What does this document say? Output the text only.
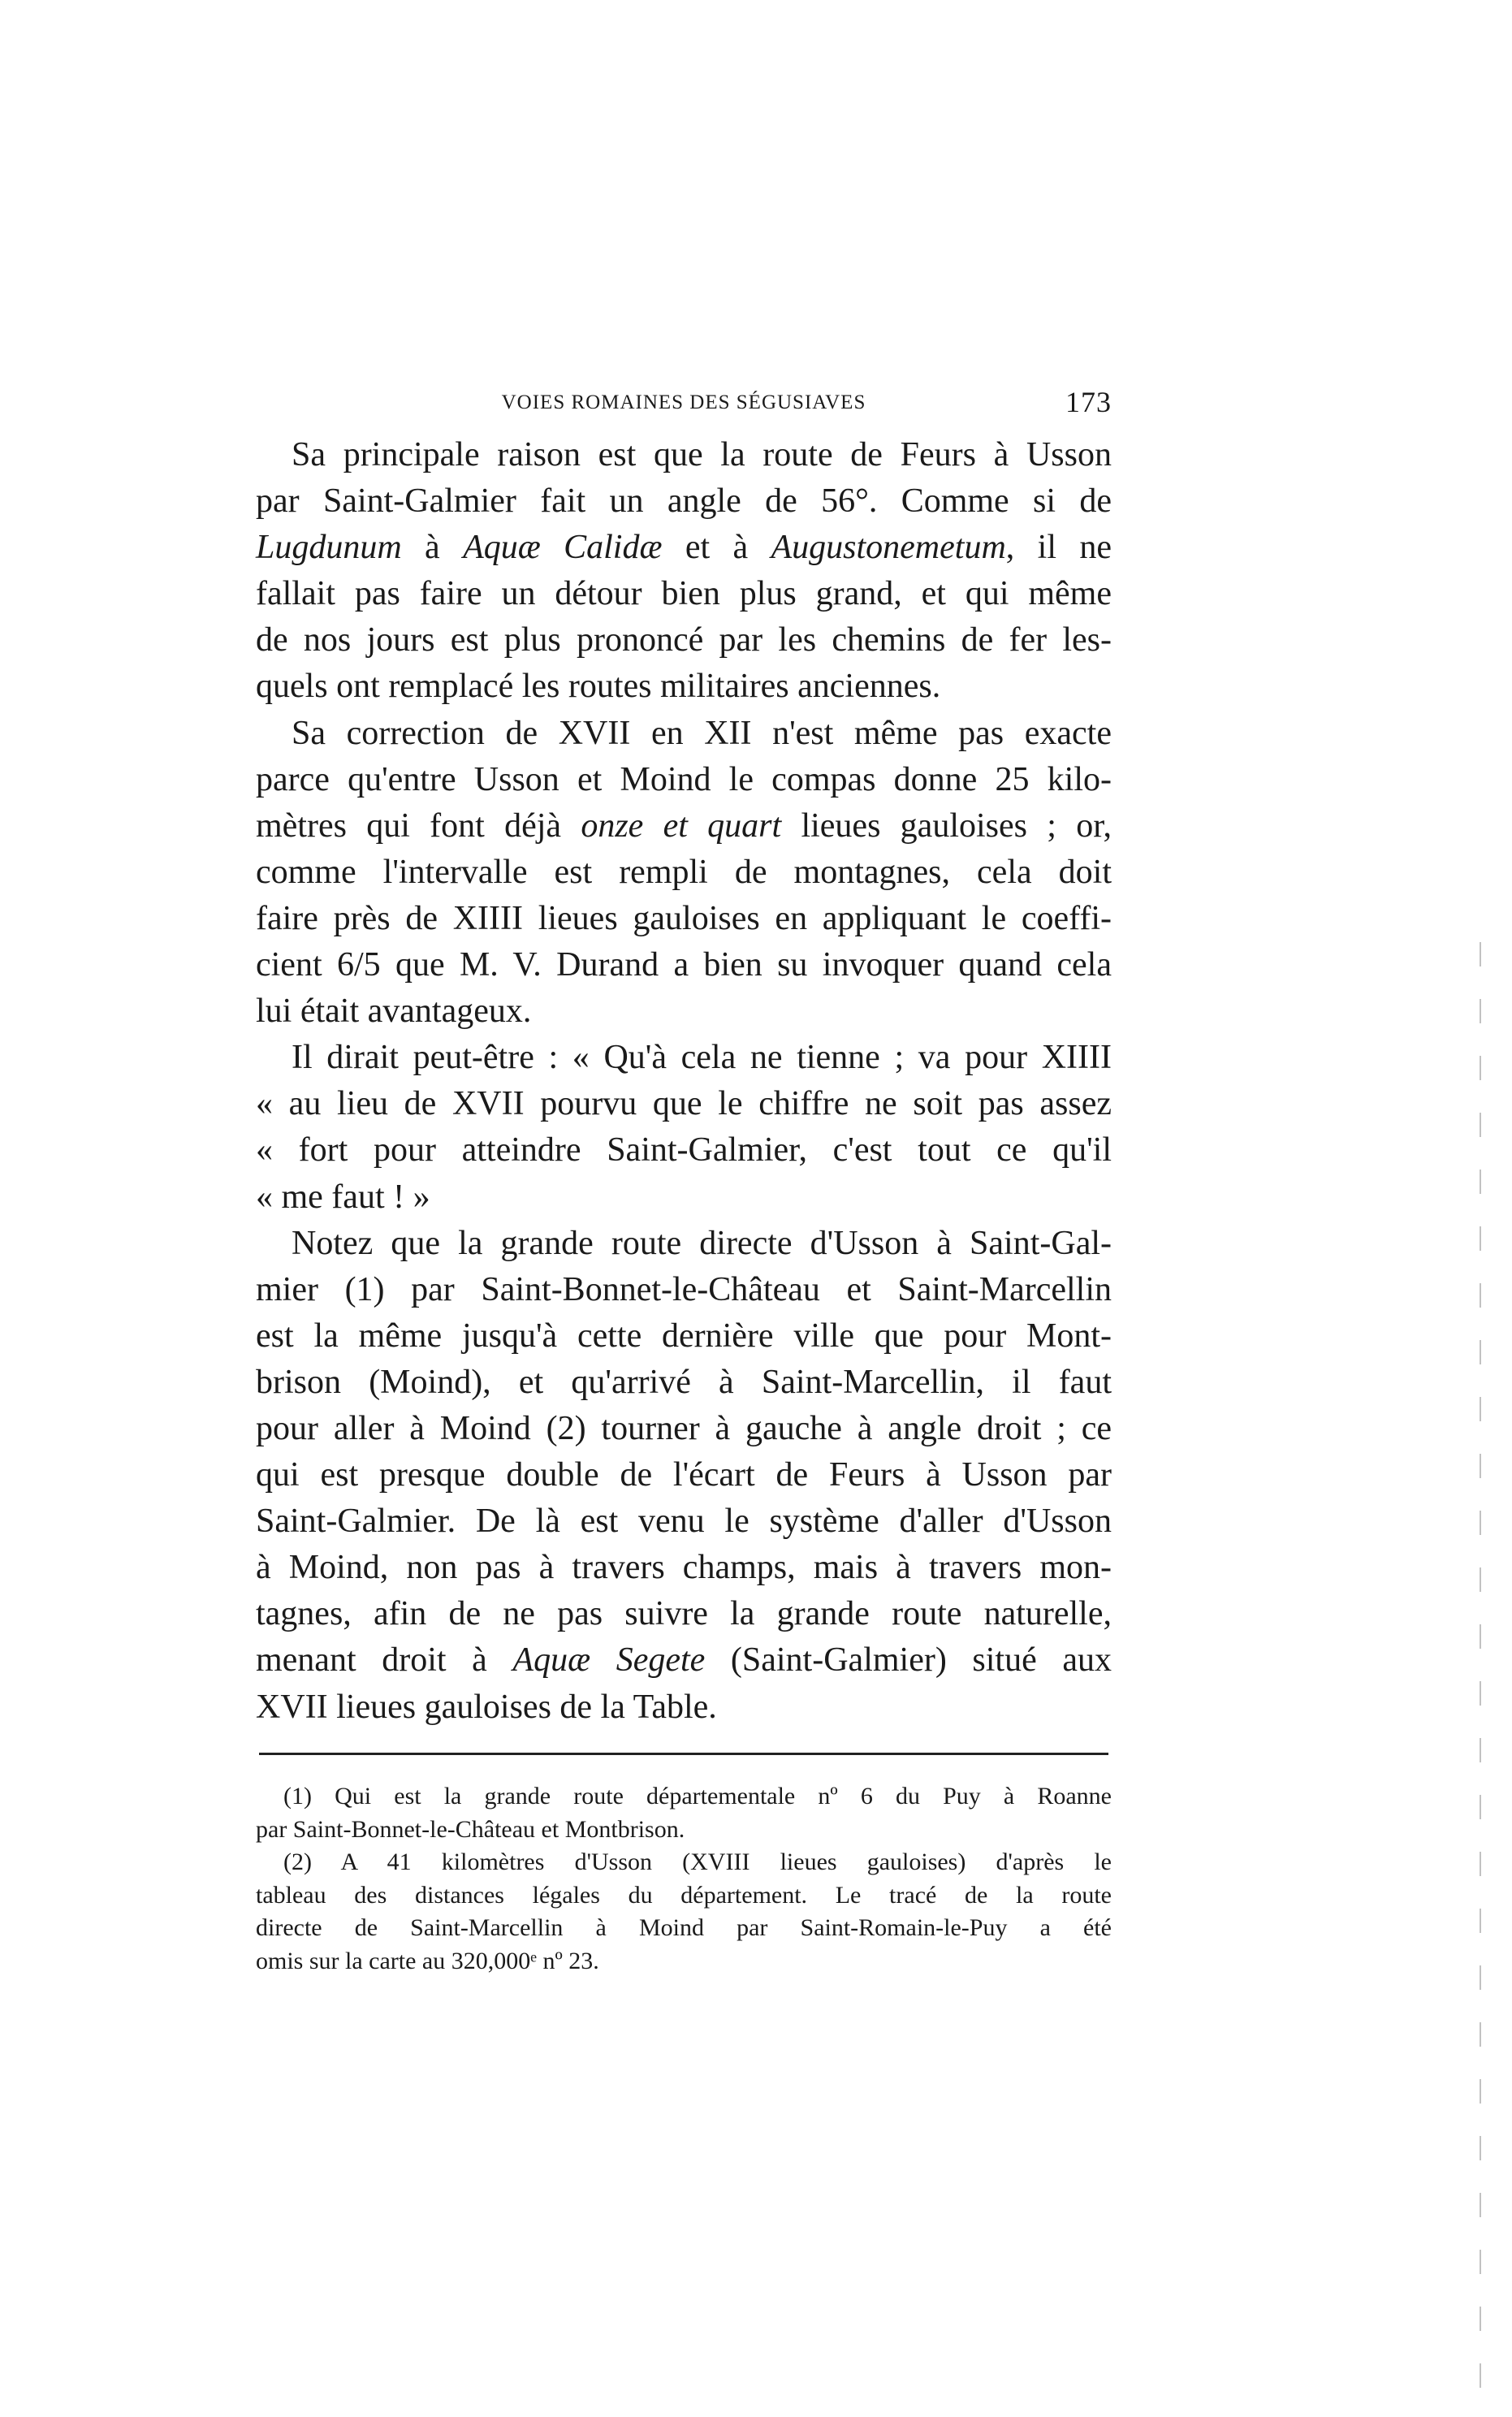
VOIES ROMAINES DES SÉGUSIAVES	173
Sa principale raison est que la route de Feurs à Usson
par Saint-Galmier fait un angle de 56°. Comme si de
Lugdunum à Aquæ Calidæ et à Augustonemetum, il ne
fallait pas faire un détour bien plus grand, et qui même
de nos jours est plus prononcé par les chemins de fer les-
quels ont remplacé les routes militaires anciennes.
Sa correction de XVII en XII n'est même pas exacte
parce qu'entre Usson et Moind le compas donne 25 kilo-
mètres qui font déjà onze et quart lieues gauloises ; or,
comme l'intervalle est rempli de montagnes, cela doit
faire près de XIIII lieues gauloises en appliquant le coeffi-
cient 6/5 que M. V. Durand a bien su invoquer quand cela
lui était avantageux.
Il dirait peut-être : « Qu'à cela ne tienne ; va pour XIIII
« au lieu de XVII pourvu que le chiffre ne soit pas assez
« fort pour atteindre Saint-Galmier, c'est tout ce qu'il
« me faut ! »
Notez que la grande route directe d'Usson à Saint-Gal-
mier (1) par Saint-Bonnet-le-Château et Saint-Marcellin
est la même jusqu'à cette dernière ville que pour Mont-
brison (Moind), et qu'arrivé à Saint-Marcellin, il faut
pour aller à Moind (2) tourner à gauche à angle droit ; ce
qui est presque double de l'écart de Feurs à Usson par
Saint-Galmier. De là est venu le système d'aller d'Usson
à Moind, non pas à travers champs, mais à travers mon-
tagnes, afin de ne pas suivre la grande route naturelle,
menant droit à Aquæ Segete (Saint-Galmier) situé aux
XVII lieues gauloises de la Table.
(1) Qui est la grande route départementale nº 6 du Puy à Roanne
par Saint-Bonnet-le-Château et Montbrison.
(2) A 41 kilomètres d'Usson (XVIII lieues gauloises) d'après le
tableau des distances légales du département. Le tracé de la route
directe de Saint-Marcellin à Moind par Saint-Romain-le-Puy a été
omis sur la carte au 320,000ᵉ nº 23.
